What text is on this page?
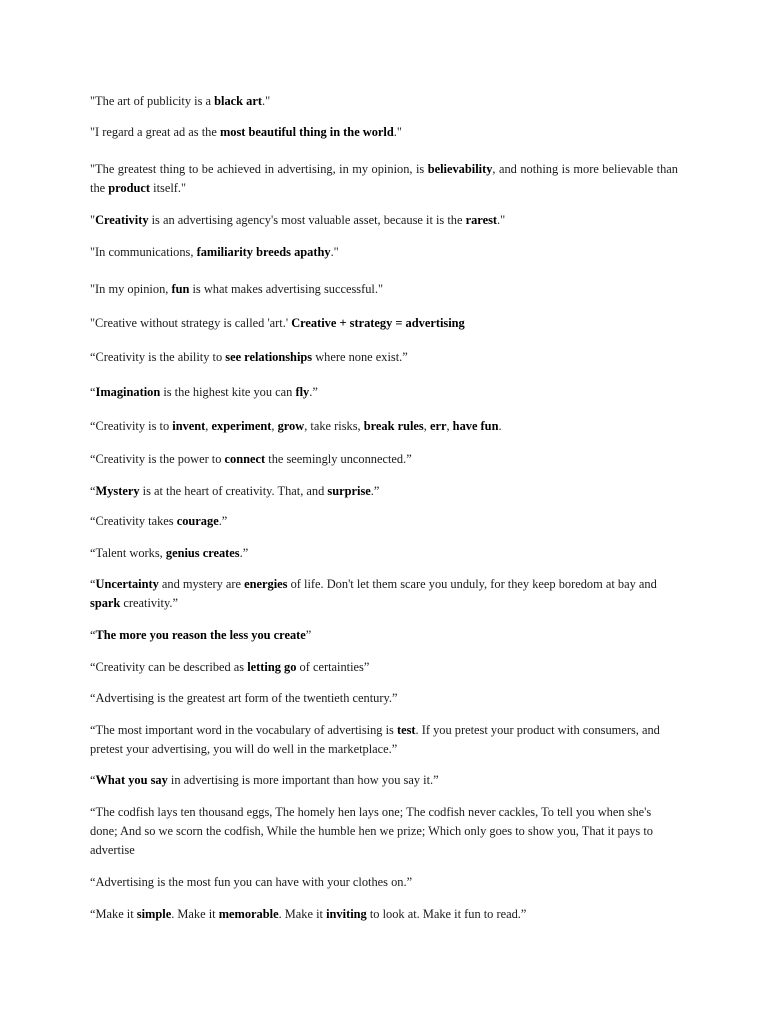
"The art of publicity is a black art."

"I regard a great ad as the most beautiful thing in the world."

"The greatest thing to be achieved in advertising, in my opinion, is believability, and nothing is more believable than the product itself."

"Creativity is an advertising agency's most valuable asset, because it is the rarest."

"In communications, familiarity breeds apathy."

"In my opinion, fun is what makes advertising successful."

"Creative without strategy is called 'art.' Creative + strategy = advertising

“Creativity is the ability to see relationships where none exist.”

“Imagination is the highest kite you can fly.”

“Creativity is to invent, experiment, grow, take risks, break rules, err, have fun.

“Creativity is the power to connect the seemingly unconnected.”

“Mystery is at the heart of creativity. That, and surprise.”

“Creativity takes courage.”

“Talent works, genius creates.”

“Uncertainty and mystery are energies of life. Don't let them scare you unduly, for they keep boredom at bay and spark creativity.”

“The more you reason the less you create”

“Creativity can be described as letting go of certainties”

“Advertising is the greatest art form of the twentieth century.”

“The most important word in the vocabulary of advertising is test. If you pretest your product with consumers, and pretest your advertising, you will do well in the marketplace.”

“What you say in advertising is more important than how you say it.”

“The codfish lays ten thousand eggs, The homely hen lays one; The codfish never cackles, To tell you when she's done; And so we scorn the codfish, While the humble hen we prize; Which only goes to show you, That it pays to advertise

“Advertising is the most fun you can have with your clothes on.”

“Make it simple. Make it memorable. Make it inviting to look at. Make it fun to read.”
